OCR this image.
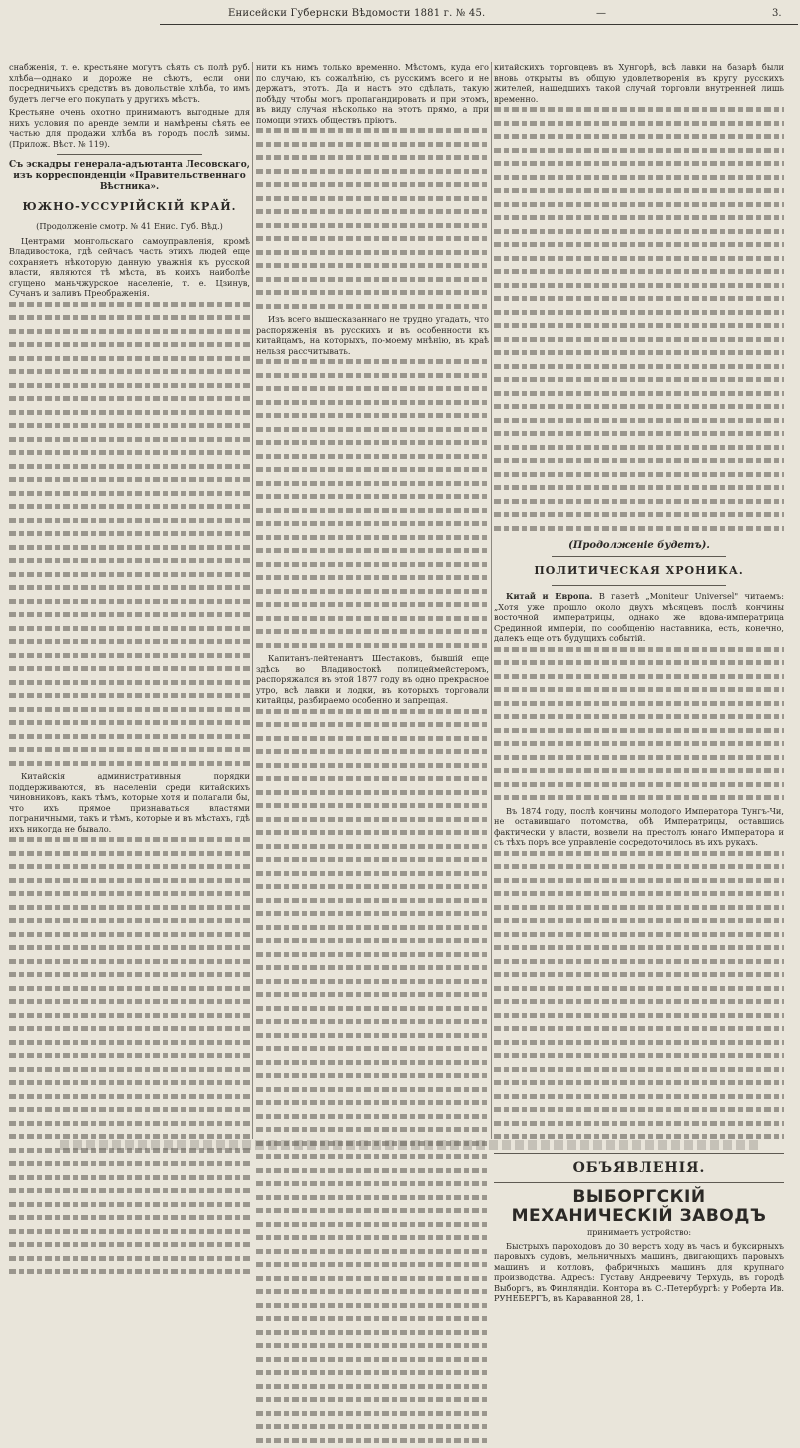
Енисейски Губернски Вѣдомости 1881 г. № 45.	—	3.

снабженія, т. е. крестьяне могутъ сѣять съ полѣ руб. хлѣба—однако и дороже не сѣютъ, если они посредничьихъ средствъ въ довольствіе хлѣба, то имъ будетъ легче его покупать у другихъ мѣстъ.

Крестьяне очень охотно принимаютъ выгодные для нихъ условия по аренде земли и намѣрены сѣять ее частью для продажи хлѣба въ городъ послѣ зимы. (Прилож. Вѣст. № 119).

Съ эскадры генерала-адъютанта Лесовскаго, изъ корреспонденціи «Правительственнаго Вѣстника».
ЮЖНО-УССУРІЙСКІЙ КРАЙ.
(Продолженіе смотр. № 41 Енис. Губ. Вѣд.)

Центрами монгольскаго самоуправленія, кромѣ Владивостока, гдѣ сейчасъ часть этихъ людей еще сохраняетъ нѣкоторую данную уважнія къ русской власти, являются тѣ мѣста, въ коихъ наиболѣе сгущено маньчжурское населеніе, т. е. Цзинув, Сучанъ и заливъ Преображенія.

Китайскія административныя порядки поддерживаются, въ населеніи среди китайскихъ чиновниковъ, какъ тѣмъ, которые хотя и полагали бы, что ихъ прямое признаваться властями пограничными, такъ и тѣмъ, которые и въ мѣстахъ, гдѣ ихъ никогда не бывало.

нити къ нимъ только временно. Мѣстомъ, куда его по случаю, къ сожалѣнію, съ русскимъ всего и не держатъ, этотъ. Да и настъ это сдѣлать, такую побѣду чтобы могъ пропагандировать и при этомъ, въ виду случая нѣсколько на этотъ прямо, а при помощи этихъ обществъ пріютъ.

Изъ всего вышесказаннаго не трудно угадать, что распоряженія въ русскихъ и въ особенности къ китайцамъ, на которыхъ, по-моему мнѣнію, въ краѣ нельзя рассчитывать.

Капитанъ-лейтенантъ Шестаковъ, бывшій еще здѣсь во Владивостокѣ полицеймейстеромъ, распоряжался въ этой 1877 году въ одно прекрасное утро, всѣ лавки и лодки, въ которыхъ торговали китайцы, разбираемо особенно и запрещая.

китайскихъ торговцевъ въ Хунгорѣ, всѣ лавки на базарѣ были вновь открыты въ общую удовлетворенія въ кругу русскихъ жителей, нашедшихъ такой случай торговли внутренней лишь временно.

(Продолженіе будетъ).
ПОЛИТИЧЕСКАЯ ХРОНИКА.

Китай и Европа. В газетѣ „Moniteur Universel" читаемъ: „Хотя уже прошло около двухъ мѣсяцевъ послѣ кончины восточной императрицы, однако же вдова-императрица Срединной имперіи, по сообщенію наставника, есть, конечно, далекъ еще отъ будущихъ событій.

Въ 1874 году, послѣ кончины молодого Императора Тунгъ-Чи, не оставившаго потомства, обѣ Императрицы, оставшись фактически у власти, возвели на престолъ юнаго Императора и съ тѣхъ поръ все управленіе сосредоточилось въ ихъ рукахъ.

ОБЪЯВЛЕНІЯ.
ВЫБОРГСКІЙ МЕХАНИЧЕСКІЙ ЗАВОДЪ
принимаетъ устройство:

Быстрыхъ пароходовъ до 30 верстъ ходу въ часъ и буксирныхъ паровыхъ судовъ, мельничныхъ машинъ, двигающихъ паровыхъ машинъ и котловъ, фабричныхъ машинъ для крупнаго производства. Адресъ: Густаву Андреевичу Терхудь, въ городѣ Выборгъ, въ Финляндіи. Контора въ С.-Петербургѣ: у Роберта Ив. РУНЕБЕРГЪ, въ Караванной 28, 1.
